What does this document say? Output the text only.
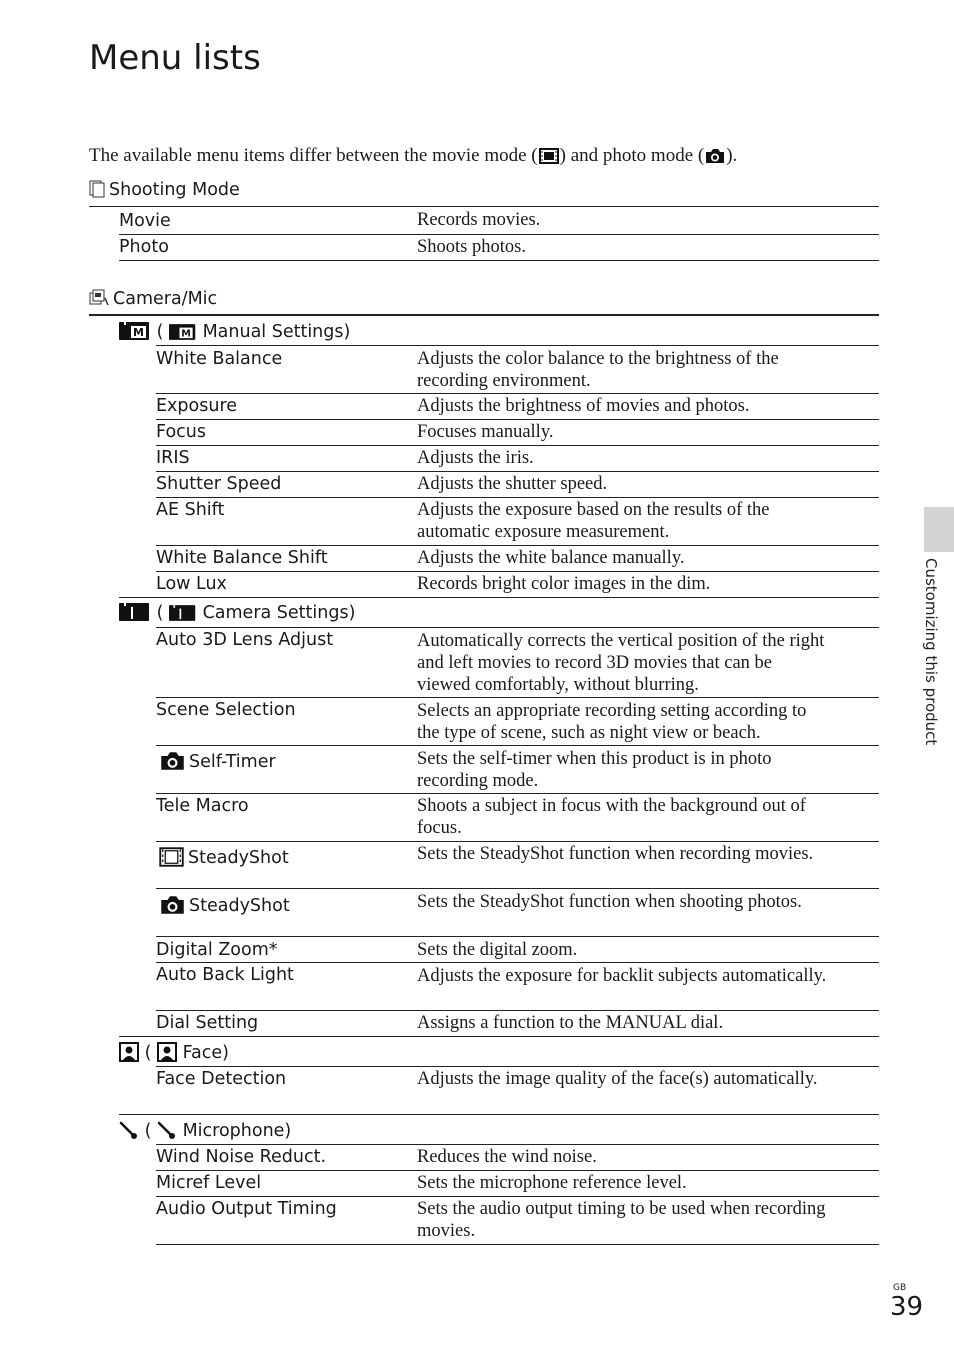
Menu lists
The available menu items differ between the movie mode ( ) and photo mode ( ).
Shooting Mode
Movie	Records movies.
Photo	Shoots photos.
Camera/Mic
M ( M Manual Settings)
White Balance	Adjusts the color balance to the brightness of the recording environment.
Exposure	Adjusts the brightness of movies and photos.
Focus	Focuses manually.
IRIS	Adjusts the iris.
Shutter Speed	Adjusts the shutter speed.
AE Shift	Adjusts the exposure based on the results of the automatic exposure measurement.
White Balance Shift	Adjusts the white balance manually.
Low Lux	Records bright color images in the dim.
( Camera Settings)
Auto 3D Lens Adjust	Automatically corrects the vertical position of the right and left movies to record 3D movies that can be viewed comfortably, without blurring.
Scene Selection	Selects an appropriate recording setting according to the type of scene, such as night view or beach.
Self-Timer	Sets the self-timer when this product is in photo recording mode.
Tele Macro	Shoots a subject in focus with the background out of focus.
SteadyShot	Sets the SteadyShot function when recording movies.
SteadyShot	Sets the SteadyShot function when shooting photos.
Digital Zoom*	Sets the digital zoom.
Auto Back Light	Adjusts the exposure for backlit subjects automatically.
Dial Setting	Assigns a function to the MANUAL dial.
( Face)
Face Detection	Adjusts the image quality of the face(s) automatically.
( Microphone)
Wind Noise Reduct.	Reduces the wind noise.
Micref Level	Sets the microphone reference level.
Audio Output Timing	Sets the audio output timing to be used when recording movies.
Customizing this product
GB
39
